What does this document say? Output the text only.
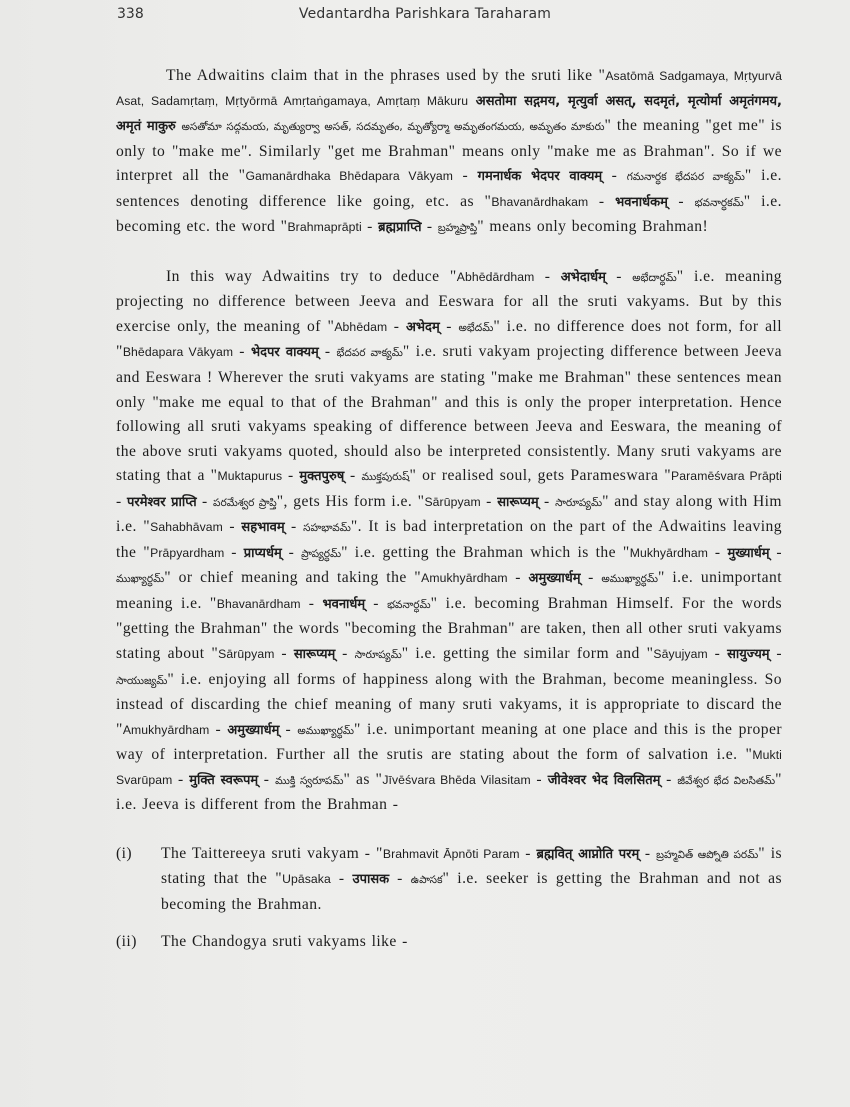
338	Vedantardha Parishkara Taraharam

The Adwaitins claim that in the phrases used by the sruti like "Asatōmā Sadgamaya, Mṛtyurvā Asat, Sadamṛtaṃ, Mṛtyōrmā Amṛtaṅgamaya, Amṛtaṃ Mākuru असतोमा सद्गमय, मृत्युर्वा असत्, सदमृतं, मृत्योर्मा अमृतंगमय, अमृतं माकुरु అసతోమా సద్గమయ, మృత్యుర్వా అసత్, సదమృతం, మృత్యోర్మా అమృతంగమయ, అమృతం మాకురు" the meaning "get me" is only to "make me". Similarly "get me Brahman" means only "make me as Brahman". So if we interpret all the "Gamanārdhaka Bhēdapara Vākyam - गमनार्धक भेदपर वाक्यम् - గమనార్ధక భేదపర వాక్యమ్" i.e. sentences denoting difference like going, etc. as "Bhavanārdhakam - भवनार्धकम् - భవనార్ధకమ్" i.e. becoming etc. the word "Brahmaprāpti - ब्रह्मप्राप्ति - బ్రహ్మప్రాప్తి" means only becoming Brahman!

In this way Adwaitins try to deduce "Abhēdārdham - अभेदार्धम् - అభేదార్ధమ్" i.e. meaning projecting no difference between Jeeva and Eeswara for all the sruti vakyams. But by this exercise only, the meaning of "Abhēdam - अभेदम् - అభేదమ్" i.e. no difference does not form, for all "Bhēdapara Vākyam - भेदपर वाक्यम् - భేదపర వాక్యమ్" i.e. sruti vakyam projecting difference between Jeeva and Eeswara ! Wherever the sruti vakyams are stating "make me Brahman" these sentences mean only "make me equal to that of the Brahman" and this is only the proper interpretation. Hence following all sruti vakyams speaking of difference between Jeeva and Eeswara, the meaning of the above sruti vakyams quoted, should also be interpreted consistently. Many sruti vakyams are stating that a "Muktapurus - मुक्तपुरुष् - ముక్తపురుష్" or realised soul, gets Parameswara "Paramēśvara Prāpti - परमेश्वर प्राप्ति - పరమేశ్వర ప్రాప్తి", gets His form i.e. "Sārūpyam - सारूप्यम् - సారూప్యమ్" and stay along with Him i.e. "Sahabhāvam - सहभावम् - సహభావమ్". It is bad interpretation on the part of the Adwaitins leaving the "Prāpyardham - प्राप्यर्धम् - ప్రాప్యర్ధమ్" i.e. getting the Brahman which is the "Mukhyārdham - मुख्यार्धम् - ముఖ్యార్ధమ్" or chief meaning and taking the "Amukhyārdham - अमुख्यार्धम् - అముఖ్యార్ధమ్" i.e. unimportant meaning i.e. "Bhavanārdham - भवनार्धम् - భవనార్ధమ్" i.e. becoming Brahman Himself. For the words "getting the Brahman" the words "becoming the Brahman" are taken, then all other sruti vakyams stating about "Sārūpyam - सारूप्यम् - సారూప్యమ్" i.e. getting the similar form and "Sāyujyam - सायुज्यम् - సాయుజ్యమ్" i.e. enjoying all forms of happiness along with the Brahman, become meaningless. So instead of discarding the chief meaning of many sruti vakyams, it is appropriate to discard the "Amukhyārdham - अमुख्यार्धम् - అముఖ్యార్ధమ్" i.e. unimportant meaning at one place and this is the proper way of interpretation. Further all the srutis are stating about the form of salvation i.e. "Mukti Svarūpam - मुक्ति स्वरूपम् - ముక్తి స్వరూపమ్" as "Jīvēśvara Bhēda Vilasitam - जीवेश्वर भेद विलसितम् - జీవేశ్వర భేద విలసితమ్" i.e. Jeeva is different from the Brahman -

(i) The Taittereeya sruti vakyam - "Brahmavit Āpnōti Param - ब्रह्मवित् आप्नोति परम् - బ్రహ్మవిత్ ఆప్నోతి పరమ్" is stating that the "Upāsaka - उपासक - ఉపాసక" i.e. seeker is getting the Brahman and not as becoming the Brahman.

(ii) The Chandogya sruti vakyams like -
